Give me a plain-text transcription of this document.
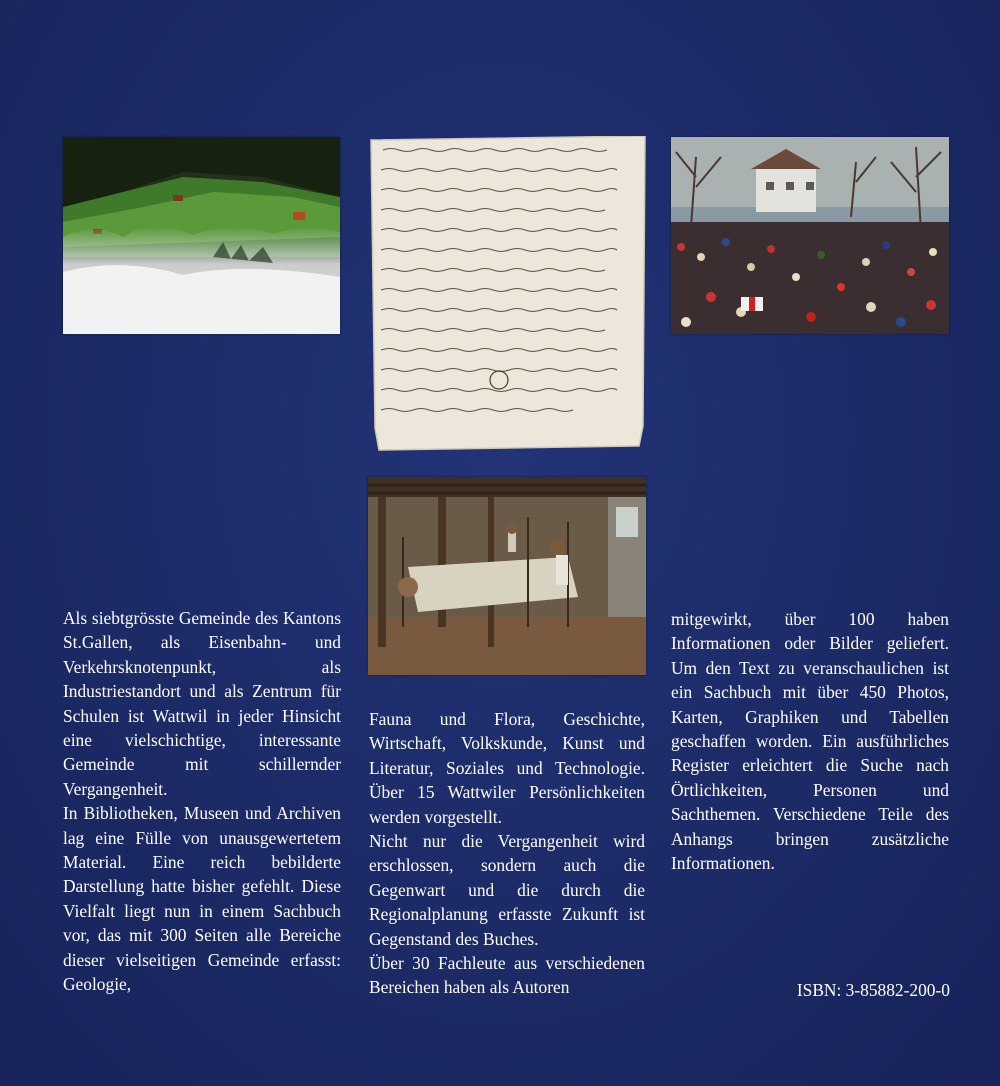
Als siebtgrösste Gemeinde des Kantons St.Gallen, als Eisenbahn- und Verkehrsknotenpunkt, als Industriestandort und als Zentrum für Schulen ist Wattwil in jeder Hinsicht eine vielschichtige, interessante Gemeinde mit schillernder Vergangenheit.

In Bibliotheken, Museen und Archiven lag eine Fülle von unausgewertetem Material. Eine reich bebilderte Darstellung hatte bisher gefehlt. Diese Vielfalt liegt nun in einem Sachbuch vor, das mit 300 Seiten alle Bereiche dieser vielseitigen Gemeinde erfasst: Geologie,

Fauna und Flora, Geschichte, Wirtschaft, Volkskunde, Kunst und Literatur, Soziales und Technologie. Über 15 Wattwiler Persönlichkeiten werden vorgestellt.

Nicht nur die Vergangenheit wird erschlossen, sondern auch die Gegenwart und die durch die Regionalplanung erfasste Zukunft ist Gegenstand des Buches.

Über 30 Fachleute aus verschiedenen Bereichen haben als Autoren

mitgewirkt, über 100 haben Informationen oder Bilder geliefert. Um den Text zu veranschaulichen ist ein Sachbuch mit über 450 Photos, Karten, Graphiken und Tabellen geschaffen worden. Ein ausführliches Register erleichtert die Suche nach Örtlichkeiten, Personen und Sachthemen. Verschiedene Teile des Anhangs bringen zusätzliche Informationen.

ISBN: 3-85882-200-0
